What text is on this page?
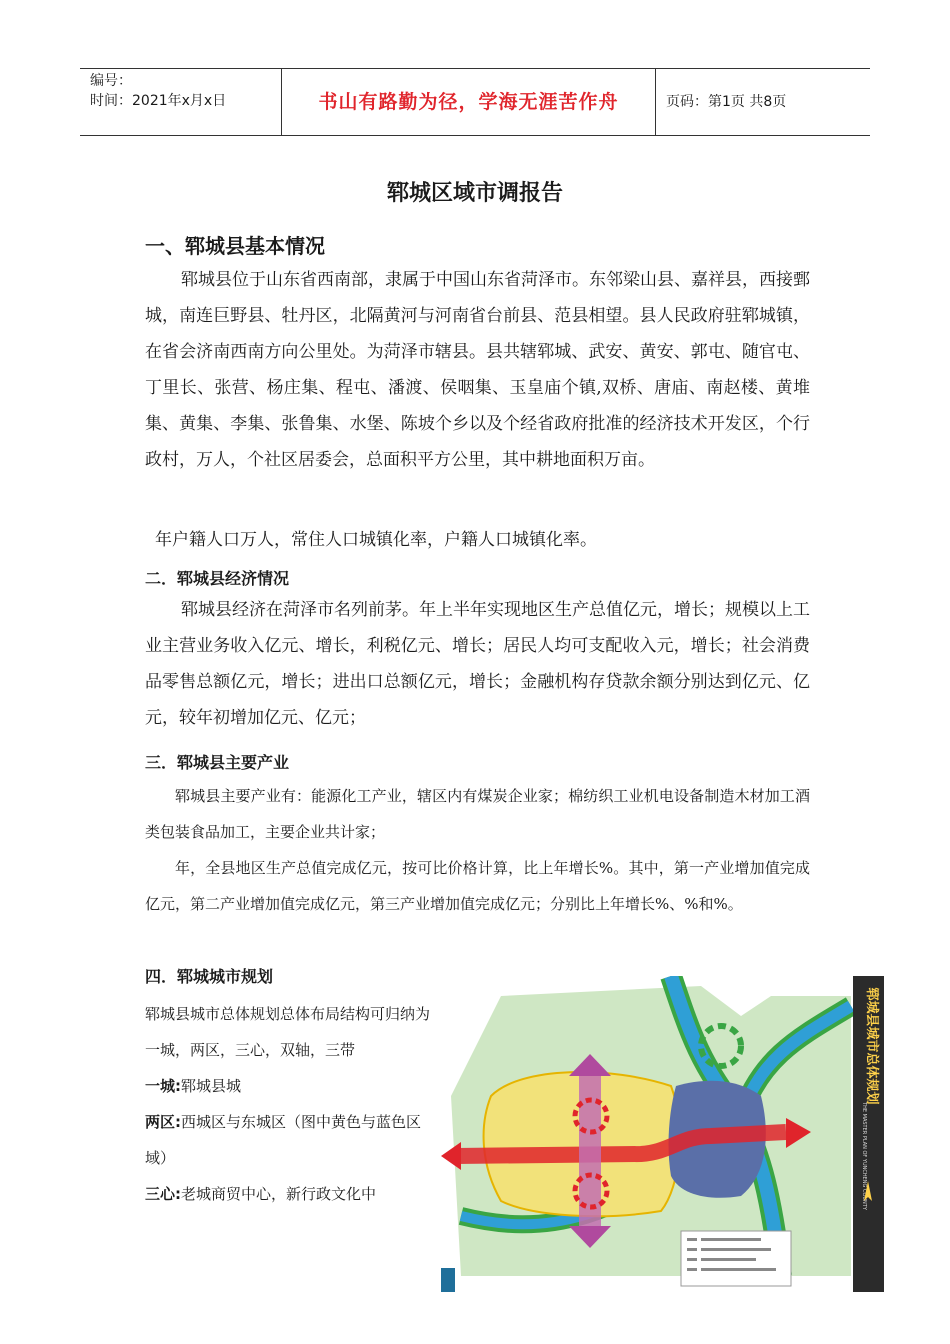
编号：
时间：2021年x月x日	书山有路勤为径，学海无涯苦作舟	页码：第1页 共8页
郓城区域市调报告
一、郓城县基本情况
郓城县位于山东省西南部，隶属于中国山东省菏泽市。东邻梁山县、嘉祥县，西接鄄城，南连巨野县、牡丹区，北隔黄河与河南省台前县、范县相望。县人民政府驻郓城镇，在省会济南西南方向公里处。为菏泽市辖县。县共辖郓城、武安、黄安、郭屯、随官屯、丁里长、张营、杨庄集、程屯、潘渡、侯咽集、玉皇庙个镇,双桥、唐庙、南赵楼、黄堆集、黄集、李集、张鲁集、水堡、陈坡个乡以及个经省政府批准的经济技术开发区，个行政村，万人，个社区居委会，总面积平方公里，其中耕地面积万亩。
年户籍人口万人，常住人口城镇化率，户籍人口城镇化率。
二．郓城县经济情况
郓城县经济在菏泽市名列前茅。年上半年实现地区生产总值亿元，增长；规模以上工业主营业务收入亿元、增长，利税亿元、增长；居民人均可支配收入元，增长；社会消费品零售总额亿元，增长；进出口总额亿元，增长；金融机构存贷款余额分别达到亿元、亿元，较年初增加亿元、亿元；
三．郓城县主要产业
郓城县主要产业有：能源化工产业，辖区内有煤炭企业家；棉纺织工业机电设备制造木材加工酒类包装食品加工，主要企业共计家；
年，全县地区生产总值完成亿元，按可比价格计算，比上年增长%。其中，第一产业增加值完成亿元，第二产业增加值完成亿元，第三产业增加值完成亿元；分别比上年增长%、%和%。
四．郓城城市规划
郓城县城市总体规划总体布局结构可归纳为一城，两区，三心，双轴，三带
一城:郓城县城
两区:西城区与东城区（图中黄色与蓝色区域）
三心:老城商贸中心，新行政文化中
郓城县城市总体规划
THE MASTER PLAN OF YUNCHENG COUNTY
